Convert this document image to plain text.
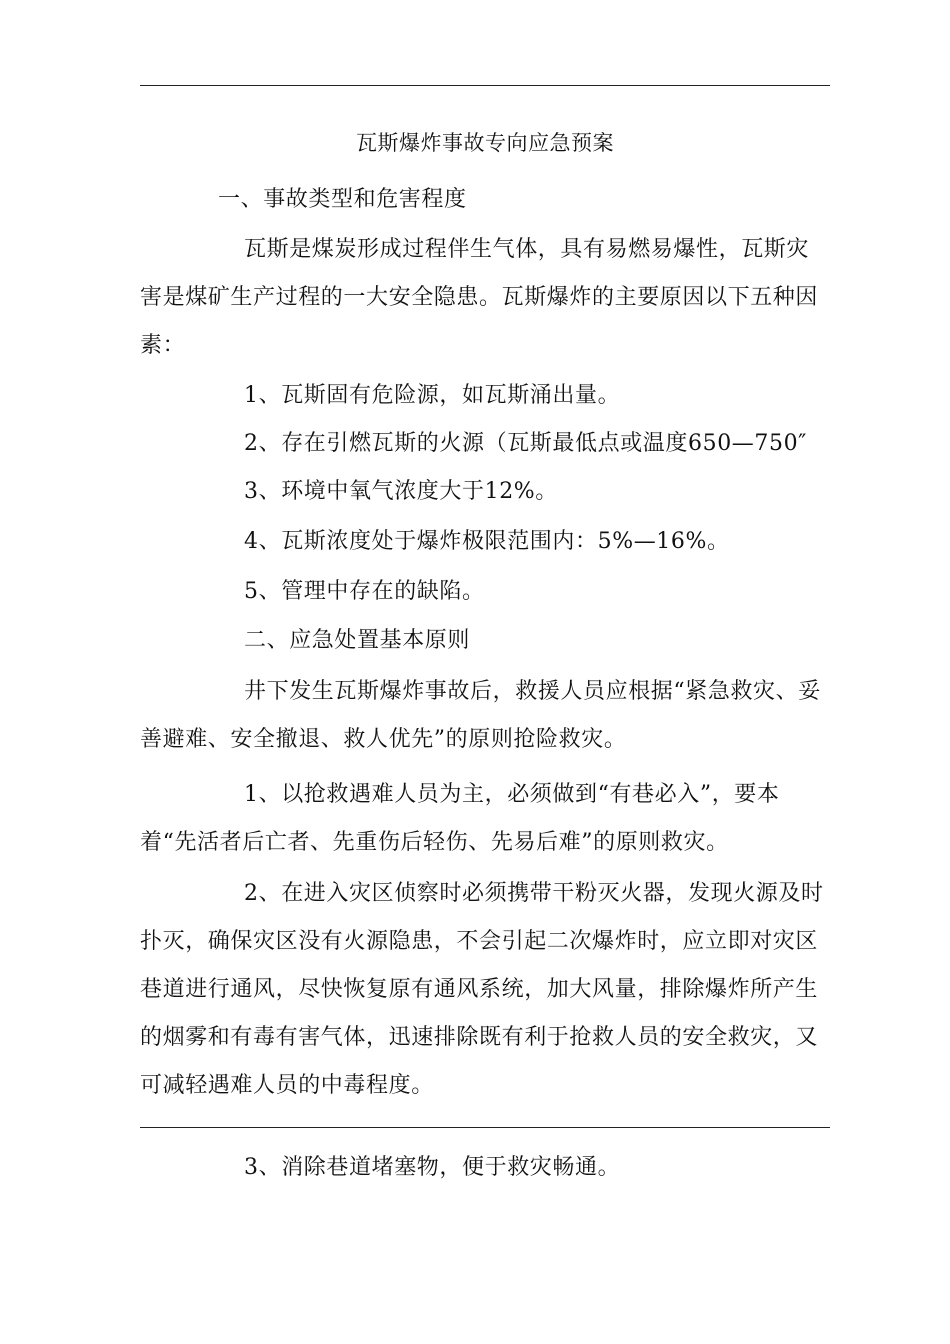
瓦斯爆炸事故专向应急预案

一、事故类型和危害程度

瓦斯是煤炭形成过程伴生气体，具有易燃易爆性，瓦斯灾害是煤矿生产过程的一大安全隐患。瓦斯爆炸的主要原因以下五种因素：

1、瓦斯固有危险源，如瓦斯涌出量。

2、存在引燃瓦斯的火源（瓦斯最低点或温度650—750″

3、环境中氧气浓度大于12%。

4、瓦斯浓度处于爆炸极限范围内：5%—16%。

5、管理中存在的缺陷。

二、应急处置基本原则

井下发生瓦斯爆炸事故后，救援人员应根据“紧急救灾、妥善避难、安全撤退、救人优先”的原则抢险救灾。

1、以抢救遇难人员为主，必须做到“有巷必入”，要本着“先活者后亡者、先重伤后轻伤、先易后难”的原则救灾。

2、在进入灾区侦察时必须携带干粉灭火器，发现火源及时扑灭，确保灾区没有火源隐患，不会引起二次爆炸时，应立即对灾区巷道进行通风，尽快恢复原有通风系统，加大风量，排除爆炸所产生的烟雾和有毒有害气体，迅速排除既有利于抢救人员的安全救灾，又可减轻遇难人员的中毒程度。

3、消除巷道堵塞物，便于救灾畅通。
